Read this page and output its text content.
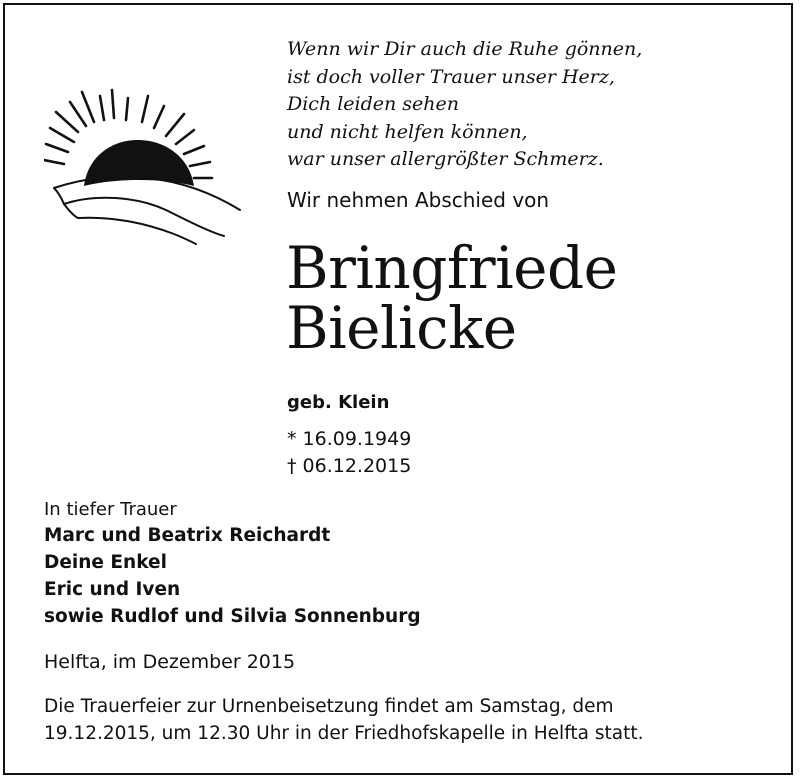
Wenn wir Dir auch die Ruhe gönnen,
ist doch voller Trauer unser Herz,
Dich leiden sehen
und nicht helfen können,
war unser allergrößter Schmerz.
Wir nehmen Abschied von
Bringfriede
Bielicke
geb. Klein
* 16.09.1949
† 06.12.2015
In tiefer Trauer
Marc und Beatrix Reichardt
Deine Enkel
Eric und Iven
sowie Rudlof und Silvia Sonnenburg
Helfta, im Dezember 2015
Die Trauerfeier zur Urnenbeisetzung findet am Samstag, dem
19.12.2015, um 12.30 Uhr in der Friedhofskapelle in Helfta statt.
